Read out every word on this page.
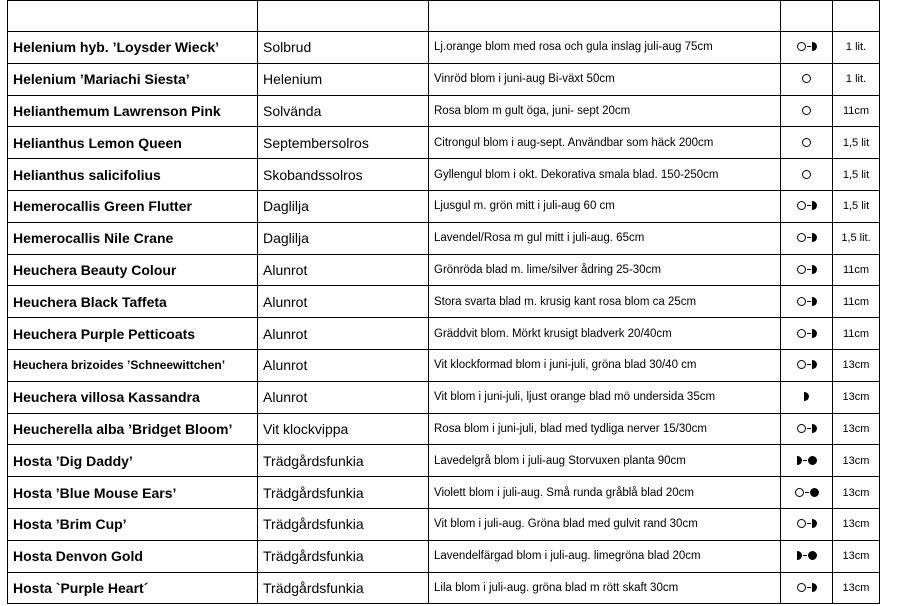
Helenium hyb. ’Loysder Wieck’	Solbrud	Lj.orange blom med rosa och gula inslag juli-aug 75cm		1 lit.
Helenium ’Mariachi Siesta’	Helenium	Vinröd blom i juni-aug Bi-växt 50cm		1 lit.
Helianthemum Lawrenson Pink	Solvända	Rosa blom m gult öga, juni- sept 20cm		11cm
Helianthus Lemon Queen	Septembersolros	Citrongul blom i aug-sept. Användbar som häck 200cm		1,5 lit
Helianthus salicifolius	Skobandssolros	Gyllengul blom i okt. Dekorativa smala blad. 150-250cm		1,5 lit
Hemerocallis Green Flutter	Daglilja	Ljusgul m. grön mitt i juli-aug 60 cm		1,5 lit
Hemerocallis Nile Crane	Daglilja	Lavendel/Rosa m gul mitt i juli-aug. 65cm		1,5 lit.
Heuchera Beauty Colour	Alunrot	Grönröda blad m. lime/silver ådring 25-30cm		11cm
Heuchera Black Taffeta	Alunrot	Stora svarta blad m. krusig kant rosa blom ca 25cm		11cm
Heuchera Purple Petticoats	Alunrot	Gräddvit blom. Mörkt krusigt bladverk 20/40cm		11cm
Heuchera brizoides ’Schneewittchen’	Alunrot	Vit klockformad blom i juni-juli, gröna blad 30/40 cm		13cm
Heuchera villosa Kassandra	Alunrot	Vit blom i juni-juli, ljust orange blad mö undersida 35cm		13cm
Heucherella alba ’Bridget Bloom’	Vit klockvippa	Rosa blom i juni-juli, blad med tydliga nerver 15/30cm		13cm
Hosta ’Dig Daddy’	Trädgårdsfunkia	Lavedelgrå blom i juli-aug Storvuxen planta 90cm		13cm
Hosta ’Blue Mouse Ears’	Trädgårdsfunkia	Violett blom i juli-aug. Små runda gråblå blad 20cm		13cm
Hosta ’Brim Cup’	Trädgårdsfunkia	Vit blom i juli-aug. Gröna blad med gulvit rand 30cm		13cm
Hosta Denvon Gold	Trädgårdsfunkia	Lavendelfärgad blom i juli-aug. limegröna blad 20cm		13cm
Hosta `Purple Heart´	Trädgårdsfunkia	Lila blom i juli-aug. gröna blad m rött skaft 30cm		13cm
